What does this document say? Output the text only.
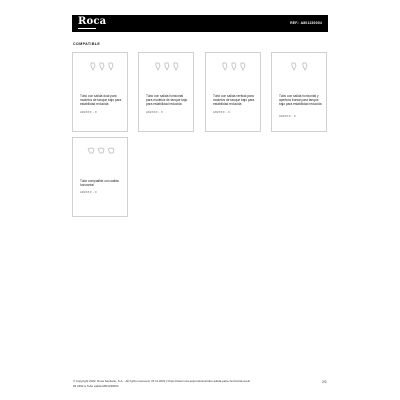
Roca	REF.: A801230004
COMPATIBLE
Tubo con salida dual para modelos de tanque bajo para estabilidad reducida
A82XXX - X
Tubo con salida horizontal para modelos de tanque bajo para estabilidad reducida
A82XXX - X
Tubo con salida vertical para modelos de tanque bajo para estabilidad reducida
A82XXX - X
Tubo con salida horizontal y apertura frontal para tanque bajo para estabilidad reducida
A82XXX - X
Tubo compatible con salida horizontal
A82XXX - X
© Copyright 2022, Roca Sanitario, S.A. - All rights reserved | 15.11.2022 | https://www.roca.es/productos/tubo-salida-parte-horizontal-suelo
82 2392 a Tubo salida A801230004
2/3
